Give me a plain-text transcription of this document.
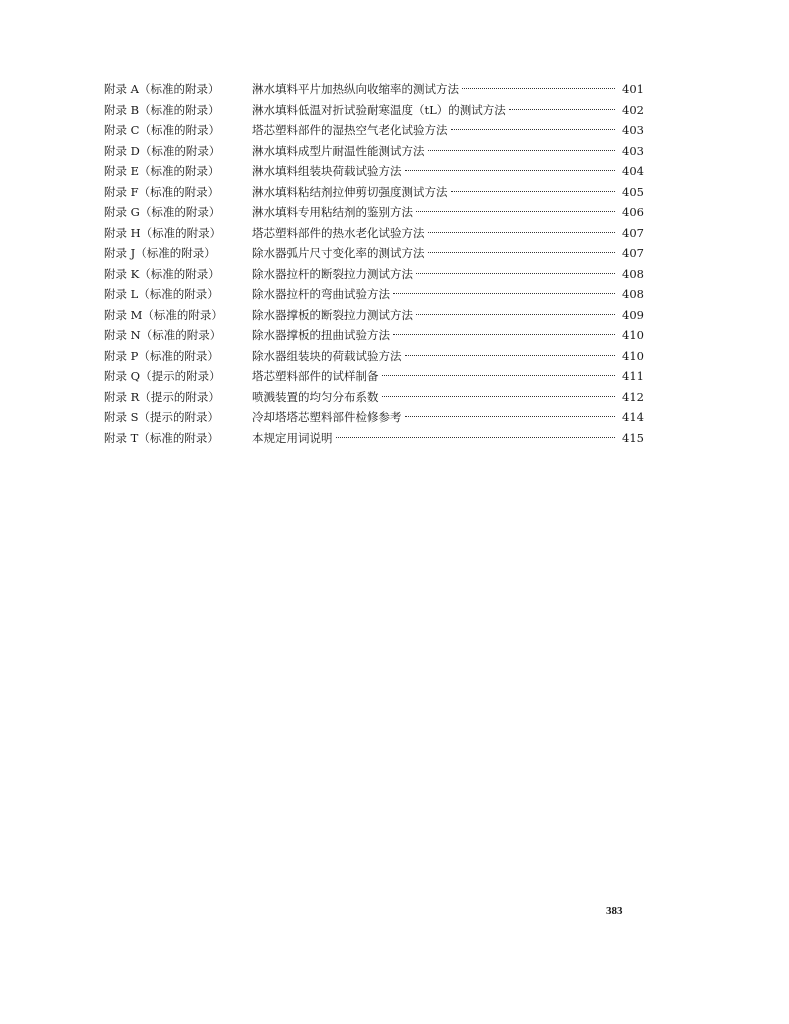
附录 A（标准的附录）	淋水填料平片加热纵向收缩率的测试方法	401
附录 B（标准的附录）	淋水填料低温对折试验耐寒温度（tL）的测试方法	402
附录 C（标准的附录）	塔芯塑料部件的湿热空气老化试验方法	403
附录 D（标准的附录）	淋水填料成型片耐温性能测试方法	403
附录 E（标准的附录）	淋水填料组装块荷载试验方法	404
附录 F（标准的附录）	淋水填料粘结剂拉伸剪切强度测试方法	405
附录 G（标准的附录）	淋水填料专用粘结剂的鉴别方法	406
附录 H（标准的附录）	塔芯塑料部件的热水老化试验方法	407
附录 J（标准的附录）	除水器弧片尺寸变化率的测试方法	407
附录 K（标准的附录）	除水器拉杆的断裂拉力测试方法	408
附录 L（标准的附录）	除水器拉杆的弯曲试验方法	408
附录 M（标准的附录）	除水器撑板的断裂拉力测试方法	409
附录 N（标准的附录）	除水器撑板的扭曲试验方法	410
附录 P（标准的附录）	除水器组装块的荷载试验方法	410
附录 Q（提示的附录）	塔芯塑料部件的试样制备	411
附录 R（提示的附录）	喷溅装置的均匀分布系数	412
附录 S（提示的附录）	冷却塔塔芯塑料部件检修参考	414
附录 T（标准的附录）	本规定用词说明	415
383
